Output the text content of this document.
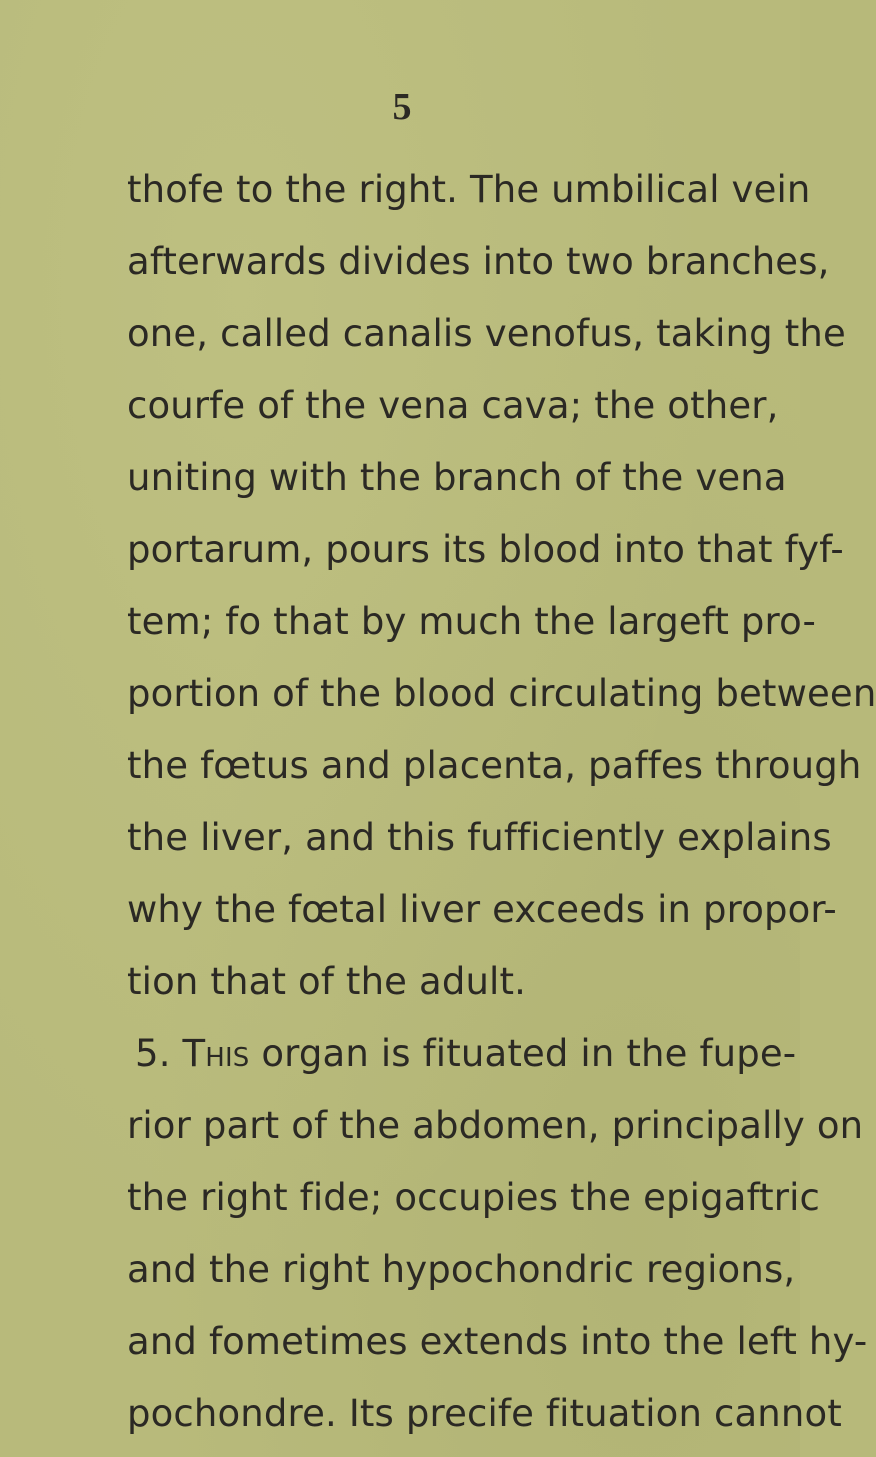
5
thofe to the right. The umbilical vein
afterwards divides into two branches,
one, called canalis venofus, taking the
courfe of the vena cava; the other,
uniting with the branch of the vena
portarum, pours its blood into that fyf-
tem; fo that by much the largeft pro-
portion of the blood circulating between
the fœtus and placenta, paffes through
the liver, and this fufficiently explains
why the fœtal liver exceeds in propor-
tion that of the adult.
5. This organ is fituated in the fupe-
rior part of the abdomen, principally on
the right fide; occupies the epigaftric
and the right hypochondric regions,
and fometimes extends into the left hy-
pochondre. Its precife fituation cannot
